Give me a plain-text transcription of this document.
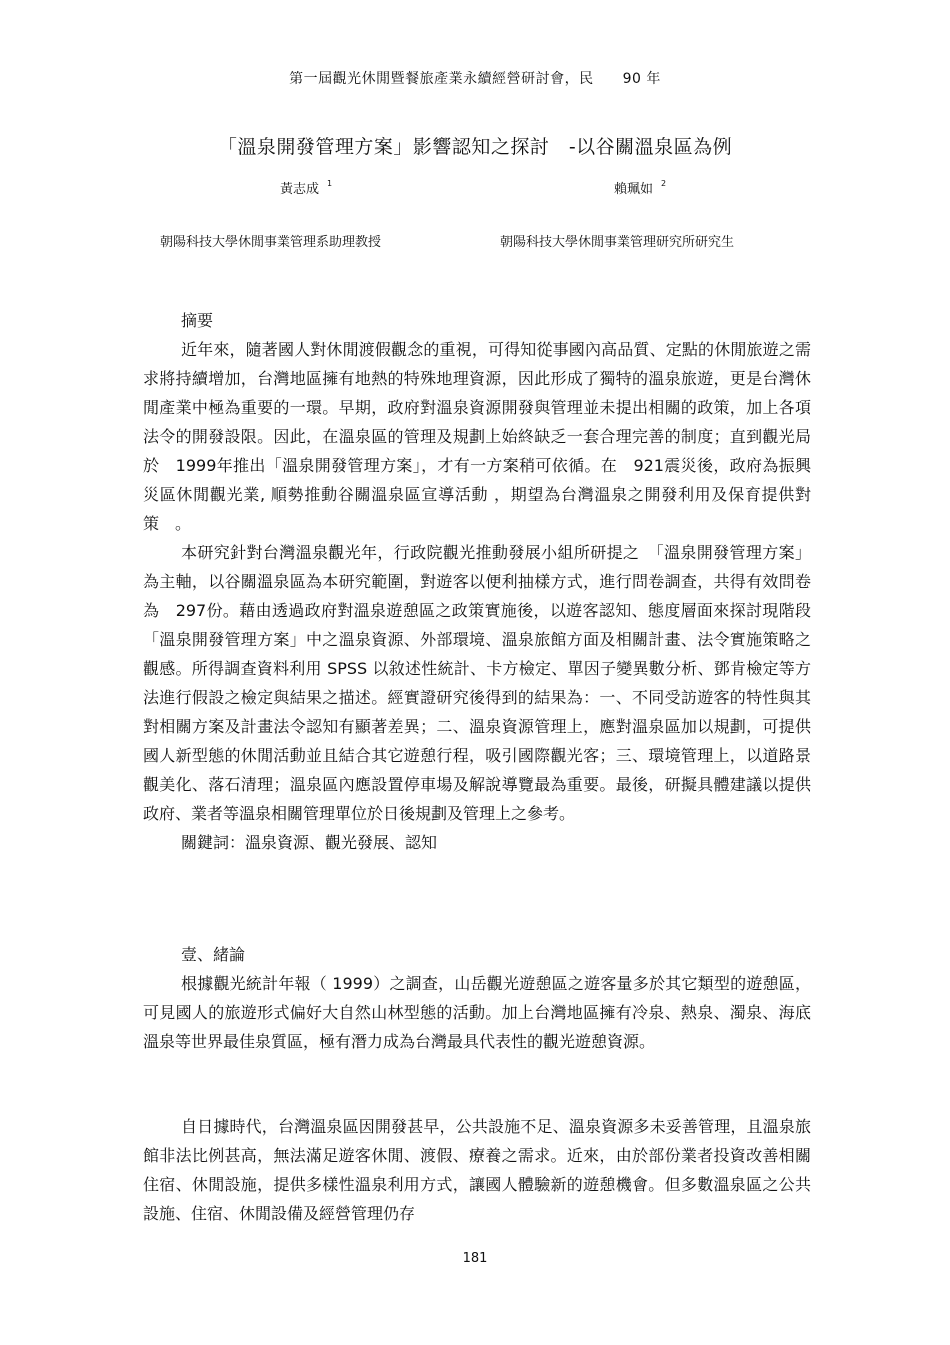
第一屆觀光休閒暨餐旅產業永續經營研討會，民　　90 年
「溫泉開發管理方案」影響認知之探討　-以谷關溫泉區為例
黃志成 $^1$	賴珮如 $^2$
朝陽科技大學休閒事業管理系助理教授	朝陽科技大學休閒事業管理研究所研究生

摘要

近年來，隨著國人對休閒渡假觀念的重視，可得知從事國內高品質、定點的休閒旅遊之需求將持續增加，台灣地區擁有地熱的特殊地理資源，因此形成了獨特的溫泉旅遊，更是台灣休閒產業中極為重要的一環。早期，政府對溫泉資源開發與管理並未提出相關的政策，加上各項法令的開發設限。因此，在溫泉區的管理及規劃上始終缺乏一套合理完善的制度；直到觀光局於　1999年推出「溫泉開發管理方案」，才有一方案稍可依循。在　921震災後，政府為振興災區休閒觀光業, 順勢推動谷關溫泉區宣導活動 ，期望為台灣溫泉之開發利用及保育提供對策　。

本研究針對台灣溫泉觀光年，行政院觀光推動發展小組所研提之　「溫泉開發管理方案」為主軸，以谷關溫泉區為本研究範圍，對遊客以便利抽樣方式，進行問卷調查，共得有效問卷為　297份。藉由透過政府對溫泉遊憩區之政策實施後，以遊客認知、態度層面來探討現階段「溫泉開發管理方案」中之溫泉資源、外部環境、溫泉旅館方面及相關計畫、法令實施策略之觀感。所得調查資料利用 SPSS 以敘述性統計、卡方檢定、單因子變異數分析、鄧肯檢定等方法進行假設之檢定與結果之描述。經實證研究後得到的結果為：一、不同受訪遊客的特性與其對相關方案及計畫法令認知有顯著差異；二、溫泉資源管理上，應對溫泉區加以規劃，可提供國人新型態的休閒活動並且結合其它遊憩行程，吸引國際觀光客；三、環境管理上，以道路景觀美化、落石清理；溫泉區內應設置停車場及解說導覽最為重要。最後，研擬具體建議以提供政府、業者等溫泉相關管理單位於日後規劃及管理上之參考。

關鍵詞：溫泉資源、觀光發展、認知

壹、緒論

根據觀光統計年報（ 1999）之調查，山岳觀光遊憩區之遊客量多於其它類型的遊憩區，可見國人的旅遊形式偏好大自然山林型態的活動。加上台灣地區擁有冷泉、熱泉、濁泉、海底溫泉等世界最佳泉質區，極有潛力成為台灣最具代表性的觀光遊憩資源。

自日據時代，台灣溫泉區因開發甚早，公共設施不足、溫泉資源多未妥善管理，且溫泉旅館非法比例甚高，無法滿足遊客休閒、渡假、療養之需求。近來，由於部份業者投資改善相關住宿、休閒設施，提供多樣性溫泉利用方式，讓國人體驗新的遊憩機會。但多數溫泉區之公共設施、住宿、休閒設備及經營管理仍存

181
